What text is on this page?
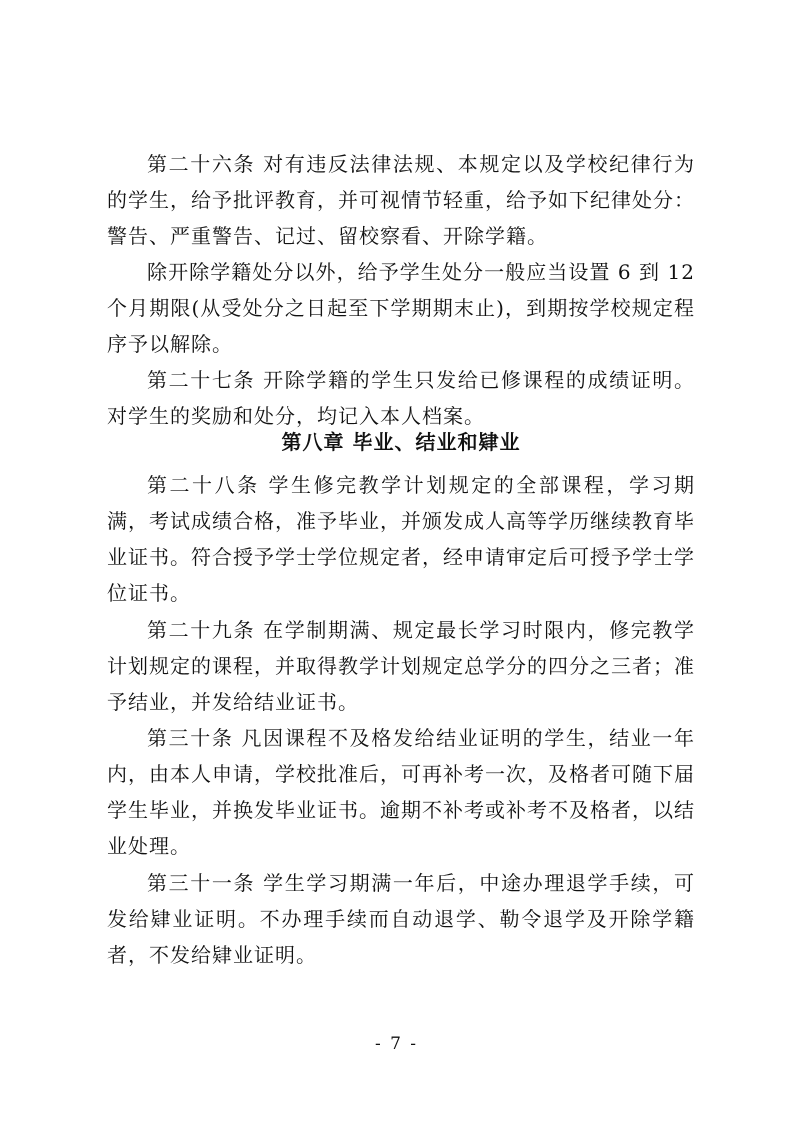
第二十六条 对有违反法律法规、本规定以及学校纪律行为的学生，给予批评教育，并可视情节轻重，给予如下纪律处分：警告、严重警告、记过、留校察看、开除学籍。

除开除学籍处分以外，给予学生处分一般应当设置 6 到 12 个月期限(从受处分之日起至下学期期末止)，到期按学校规定程序予以解除。

第二十七条 开除学籍的学生只发给已修课程的成绩证明。对学生的奖励和处分，均记入本人档案。

第八章 毕业、结业和肄业

第二十八条 学生修完教学计划规定的全部课程，学习期满，考试成绩合格，准予毕业，并颁发成人高等学历继续教育毕业证书。符合授予学士学位规定者，经申请审定后可授予学士学位证书。

第二十九条 在学制期满、规定最长学习时限内，修完教学计划规定的课程，并取得教学计划规定总学分的四分之三者；准予结业，并发给结业证书。

第三十条 凡因课程不及格发给结业证明的学生，结业一年内，由本人申请，学校批准后，可再补考一次，及格者可随下届学生毕业，并换发毕业证书。逾期不补考或补考不及格者，以结业处理。

第三十一条 学生学习期满一年后，中途办理退学手续，可发给肄业证明。不办理手续而自动退学、勒令退学及开除学籍者，不发给肄业证明。

- 7 -
